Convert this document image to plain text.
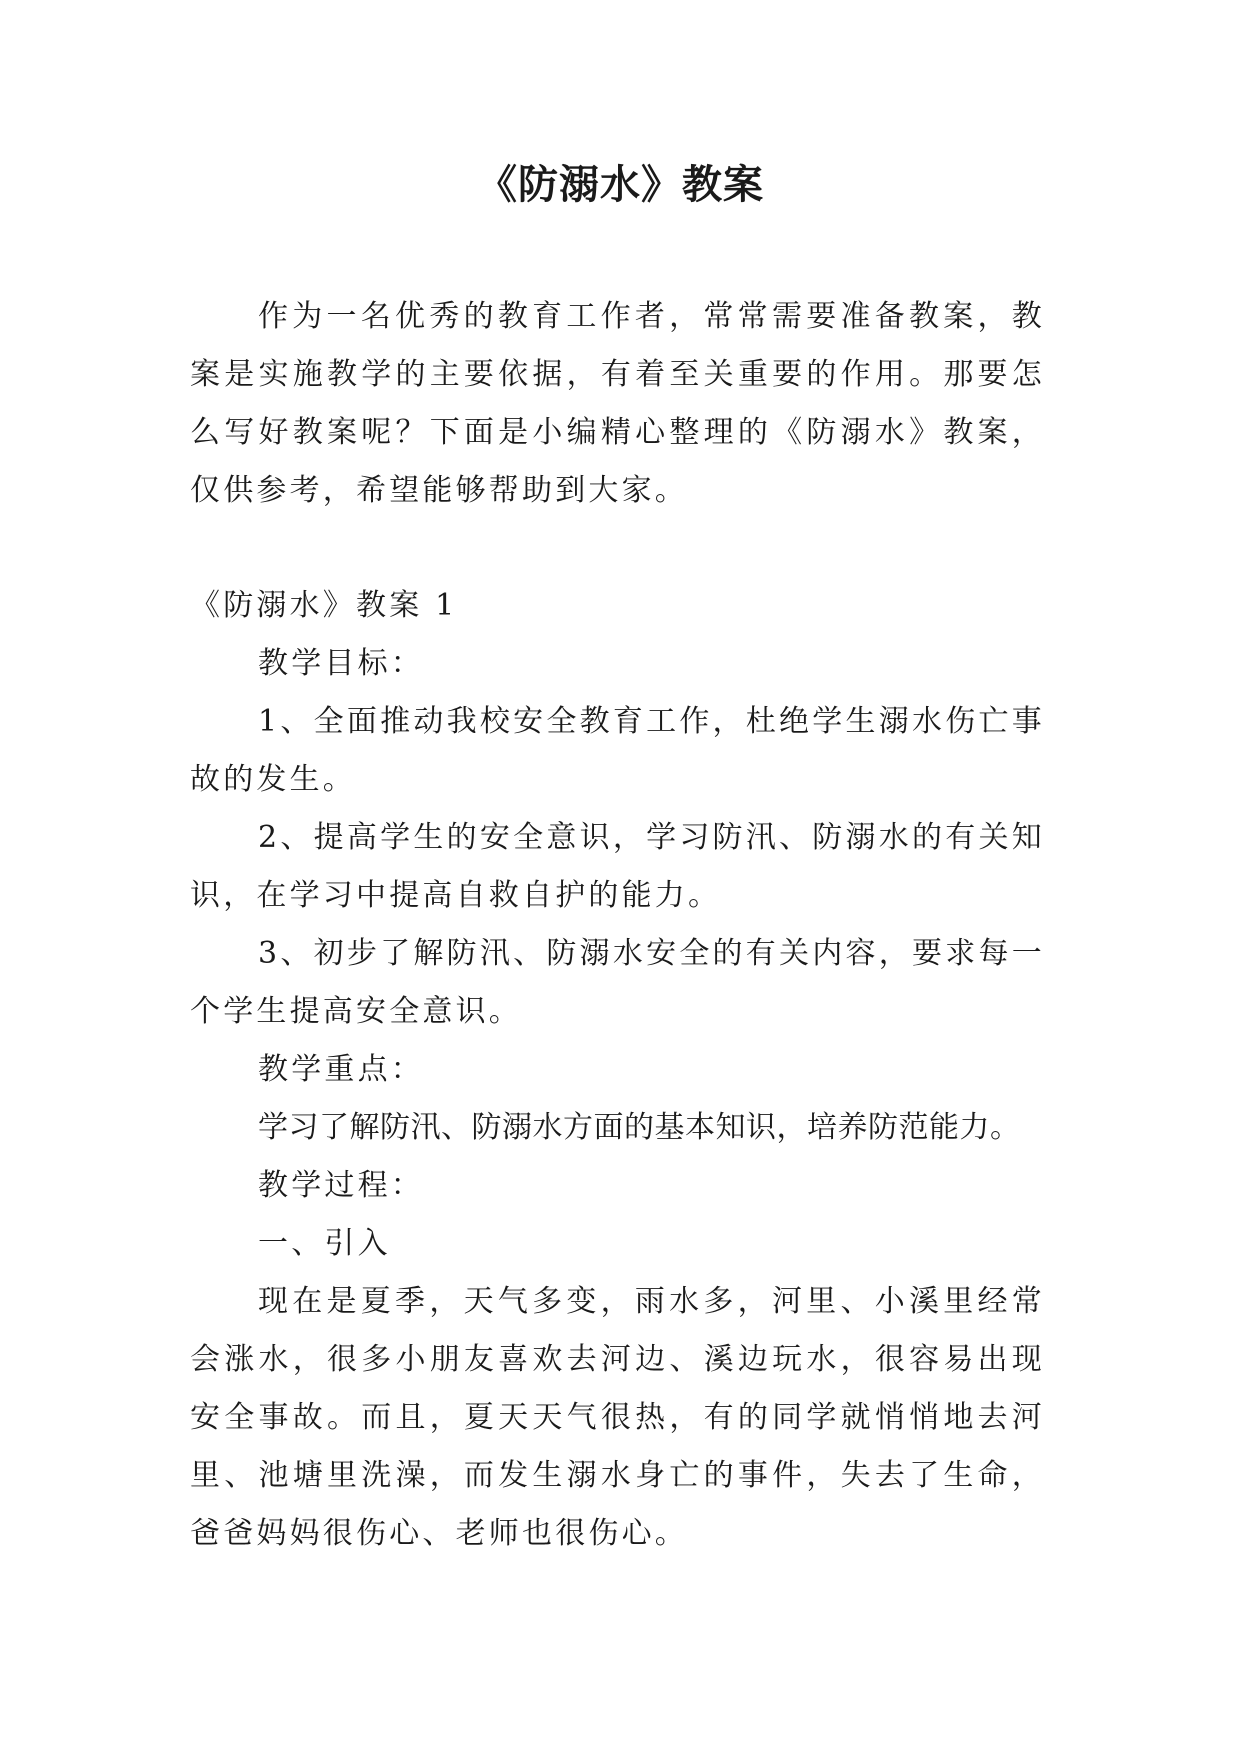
《防溺水》教案

作为一名优秀的教育工作者，常常需要准备教案，教案是实施教学的主要依据，有着至关重要的作用。那要怎么写好教案呢？下面是小编精心整理的《防溺水》教案，仅供参考，希望能够帮助到大家。

《防溺水》教案 1

教学目标：

1、全面推动我校安全教育工作，杜绝学生溺水伤亡事故的发生。

2、提高学生的安全意识，学习防汛、防溺水的有关知识，在学习中提高自救自护的能力。

3、初步了解防汛、防溺水安全的有关内容，要求每一个学生提高安全意识。

教学重点：

学习了解防汛、防溺水方面的基本知识，培养防范能力。

教学过程：

一、引入

现在是夏季，天气多变，雨水多，河里、小溪里经常会涨水，很多小朋友喜欢去河边、溪边玩水，很容易出现安全事故。而且，夏天天气很热，有的同学就悄悄地去河里、池塘里洗澡，而发生溺水身亡的事件，失去了生命，爸爸妈妈很伤心、老师也很伤心。
